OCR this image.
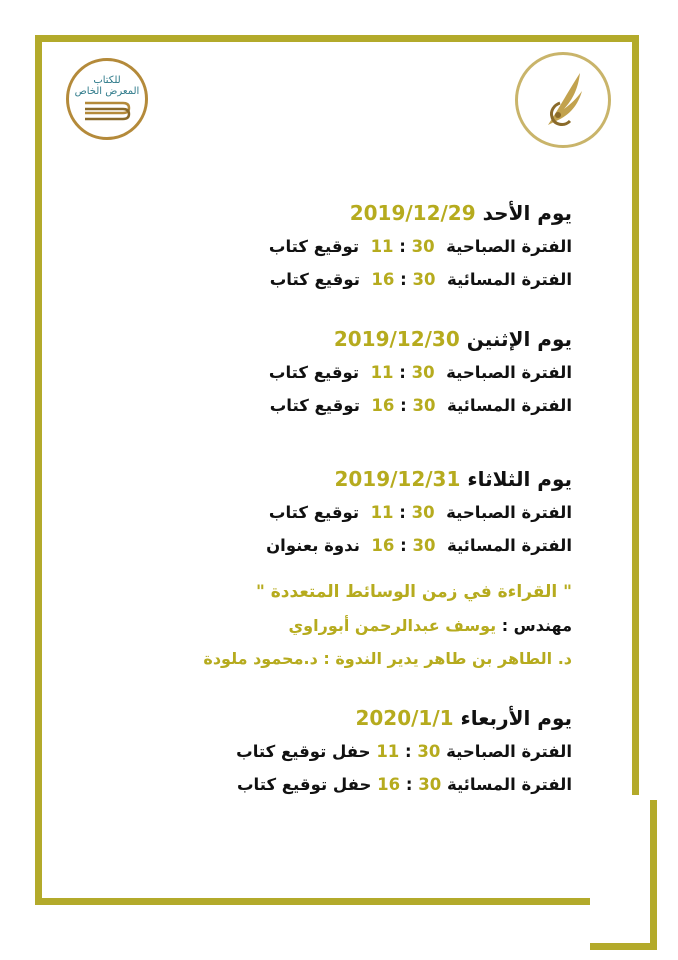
للكتاب
المعرض الخاص

يوم الأحد 2019/12/29

الفترة الصباحية  30 : 11  توقيع كتاب

الفترة المسائية  30 : 16  توقيع كتاب

يوم الإثنين 2019/12/30

الفترة الصباحية  30 : 11  توقيع كتاب

الفترة المسائية  30 : 16  توقيع كتاب

يوم الثلاثاء 2019/12/31

الفترة الصباحية  30 : 11  توقيع كتاب

الفترة المسائية  30 : 16  ندوة بعنوان

" القراءة في زمن الوسائط المتعددة "

مهندس : يوسف عبدالرحمن أبوراوي

د. الطاهر بن طاهر يدير الندوة : د.محمود ملودة

يوم الأربعاء 2020/1/1

الفترة الصباحية 30 : 11 حفل توقيع كتاب

الفترة المسائية 30 : 16 حفل توقيع كتاب
